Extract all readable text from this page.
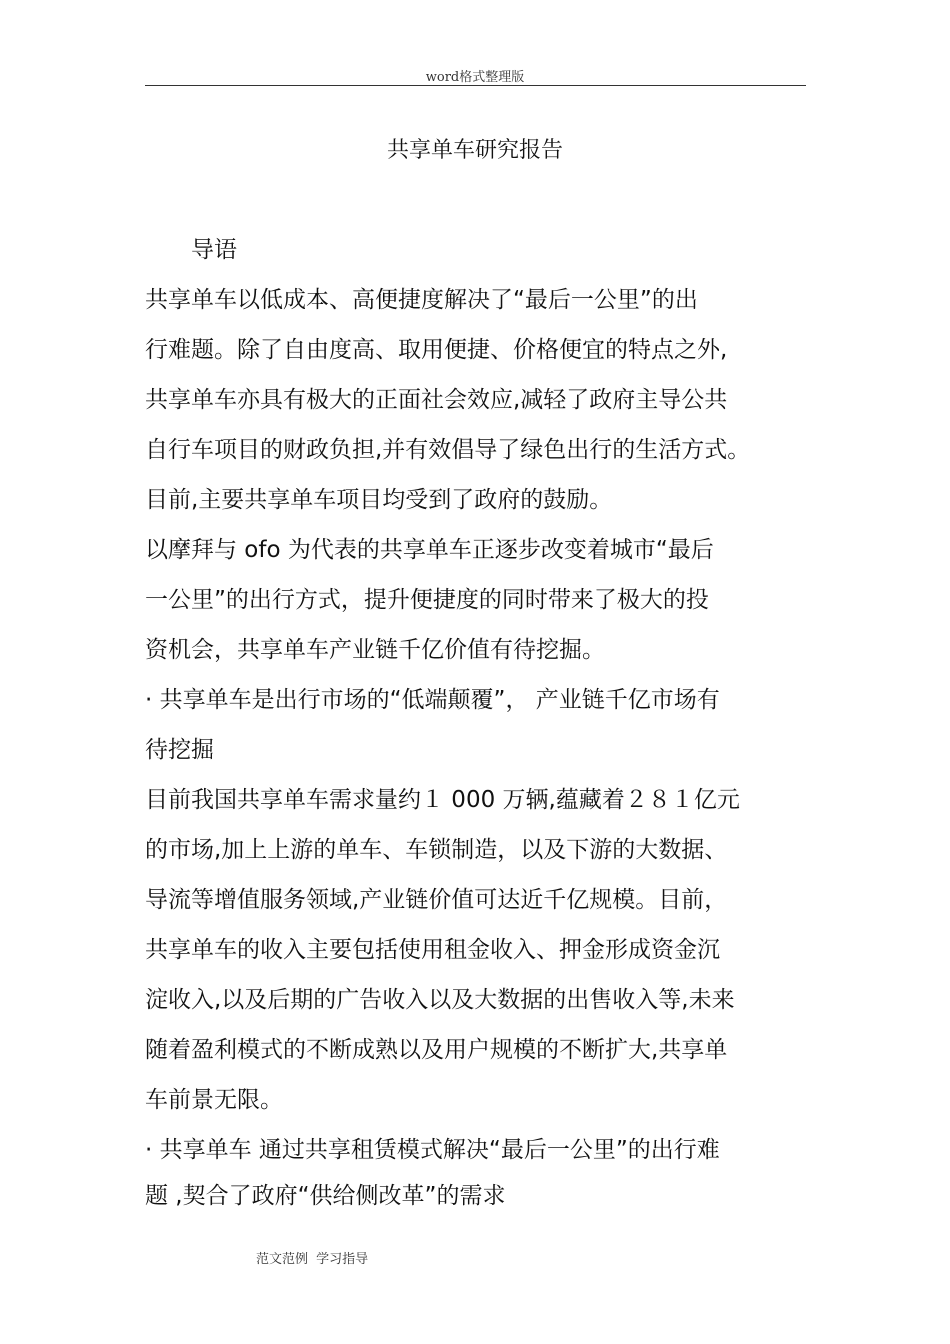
word格式整理版
共享单车研究报告
导语
共享单车以低成本、高便捷度解决了“最后一公里”的出
行难题。除了自由度高、取用便捷、价格便宜的特点之外,
共享单车亦具有极大的正面社会效应,减轻了政府主导公共
自行车项目的财政负担,并有效倡导了绿色出行的生活方式。
目前,主要共享单车项目均受到了政府的鼓励。
以摩拜与 ofo 为代表的共享单车正逐步改变着城市“最后
一公里”的出行方式，提升便捷度的同时带来了极大的投
资机会，共享单车产业链千亿价值有待挖掘。
· 共享单车是出行市场的“低端颠覆”， 产业链千亿市场有
待挖掘
目前我国共享单车需求量约１ 000 万辆,蕴藏着２８１亿元
的市场,加上上游的单车、车锁制造，以及下游的大数据、
导流等增值服务领域,产业链价值可达近千亿规模。目前，
共享单车的收入主要包括使用租金收入、押金形成资金沉
淀收入,以及后期的广告收入以及大数据的出售收入等,未来
随着盈利模式的不断成熟以及用户规模的不断扩大,共享单
车前景无限。
· 共享单车 通过共享租赁模式解决“最后一公里”的出行难
题 ,契合了政府“供给侧改革”的需求
范文范例 学习指导
